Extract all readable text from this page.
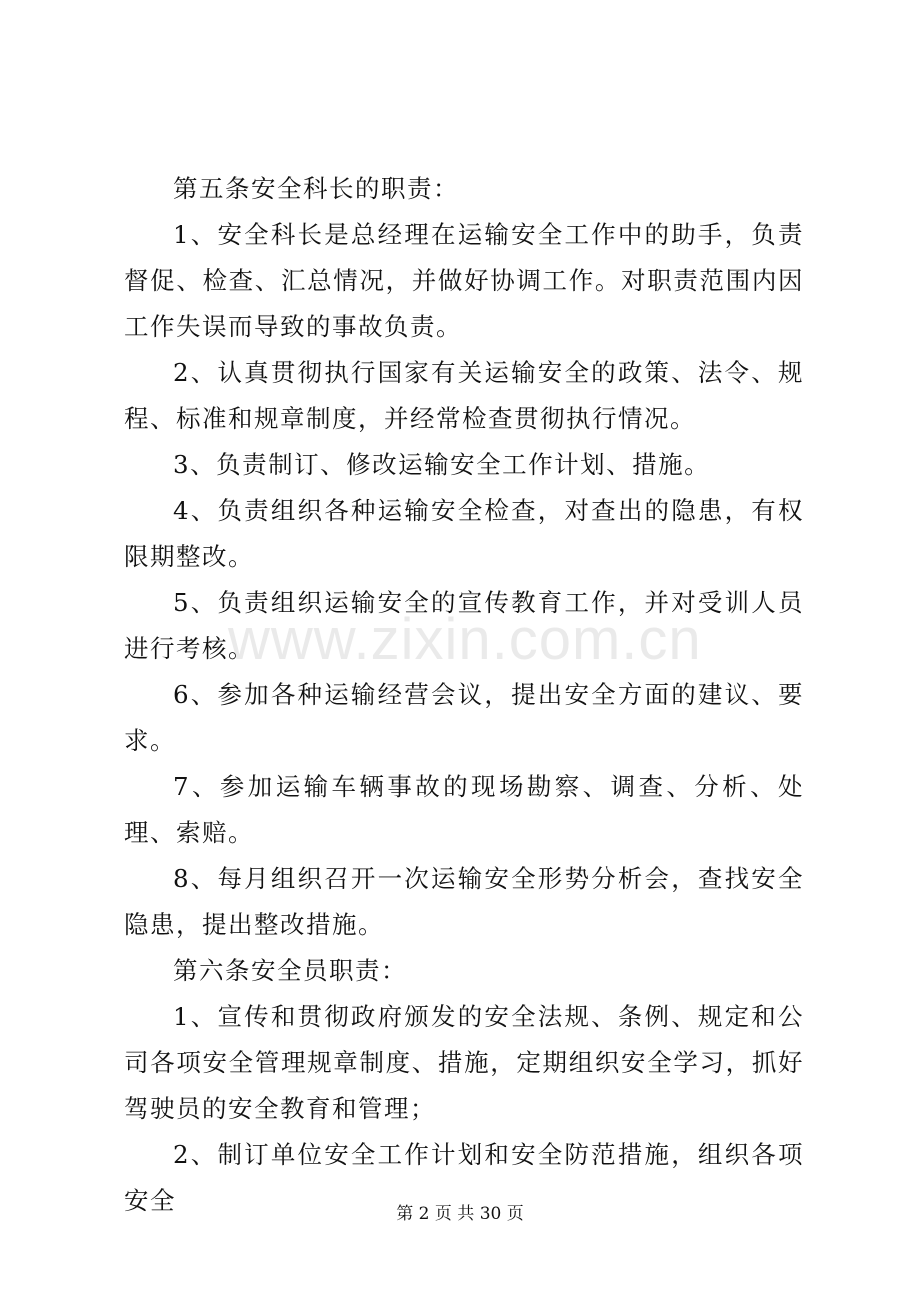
第五条安全科长的职责：

1、安全科长是总经理在运输安全工作中的助手，负责督促、检查、汇总情况，并做好协调工作。对职责范围内因工作失误而导致的事故负责。

2、认真贯彻执行国家有关运输安全的政策、法令、规程、标准和规章制度，并经常检查贯彻执行情况。

3、负责制订、修改运输安全工作计划、措施。

4、负责组织各种运输安全检查，对查出的隐患，有权限期整改。

5、负责组织运输安全的宣传教育工作，并对受训人员进行考核。

6、参加各种运输经营会议，提出安全方面的建议、要求。

7、参加运输车辆事故的现场勘察、调查、分析、处理、索赔。

8、每月组织召开一次运输安全形势分析会，查找安全隐患，提出整改措施。

第六条安全员职责：

1、宣传和贯彻政府颁发的安全法规、条例、规定和公司各项安全管理规章制度、措施，定期组织安全学习，抓好驾驶员的安全教育和管理；

2、制订单位安全工作计划和安全防范措施，组织各项安全

www.zixin.com.cn
第 2 页 共 30 页
